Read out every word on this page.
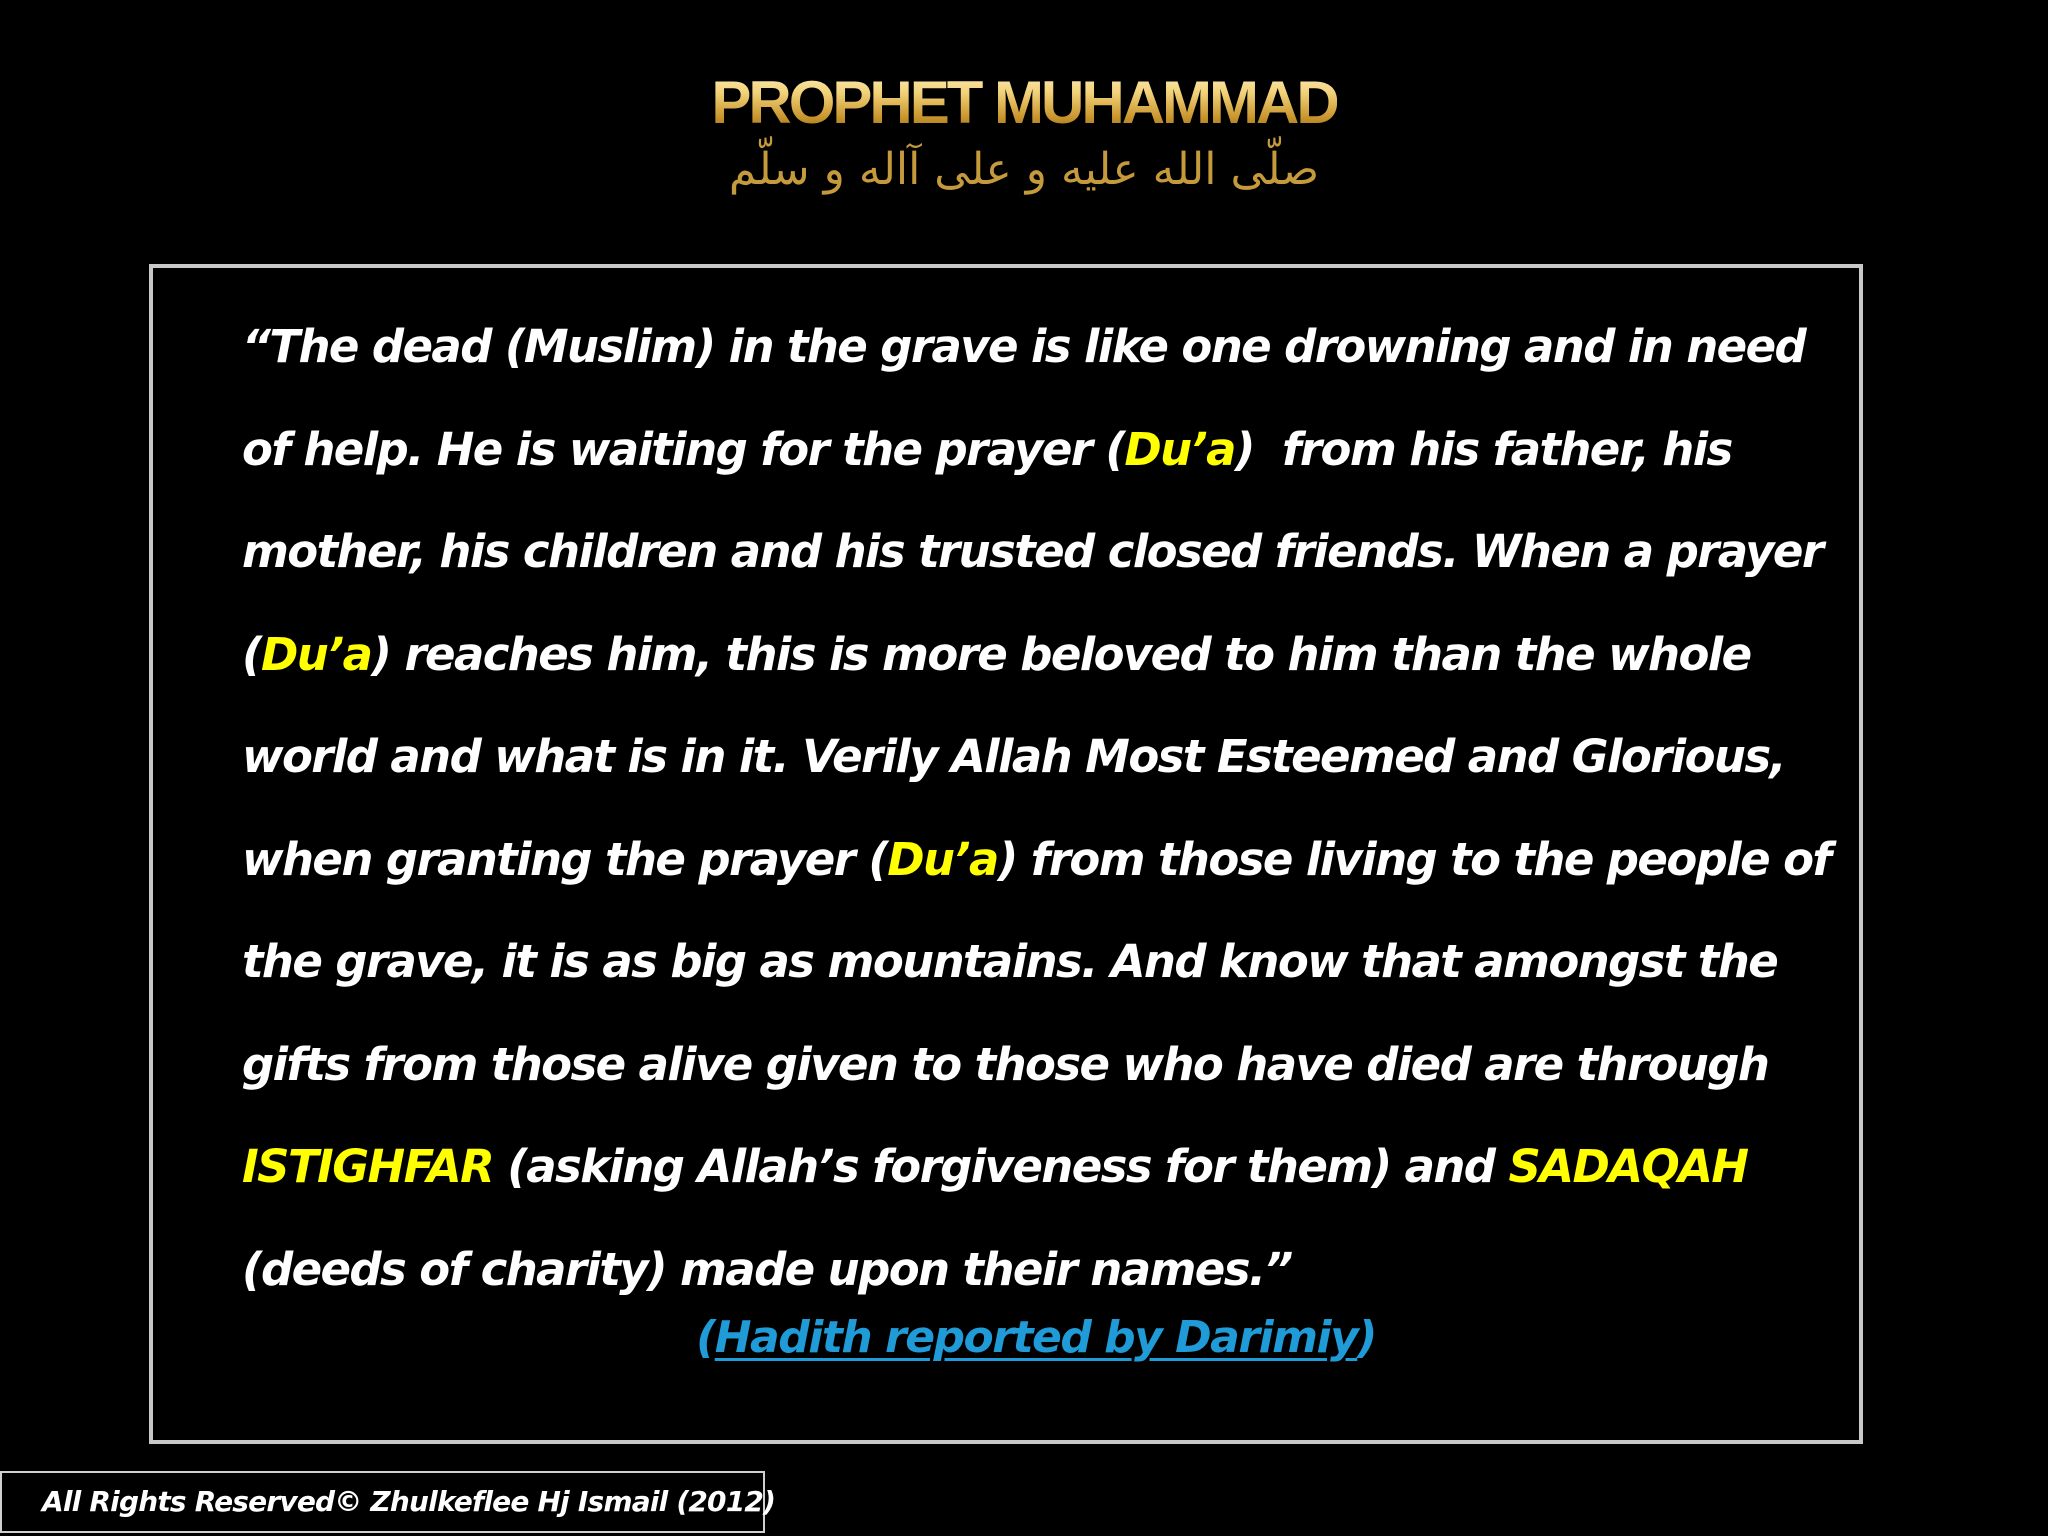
PROPHET MUHAMMAD
صلّى الله عليه و على آاله و سلّم

“The dead (Muslim) in the grave is like one drowning and in need
of help. He is waiting for the prayer (Du’a)  from his father, his
mother, his children and his trusted closed friends. When a prayer
(Du’a) reaches him, this is more beloved to him than the whole
world and what is in it. Verily Allah Most Esteemed and Glorious,
when granting the prayer (Du’a) from those living to the people of
the grave, it is as big as mountains. And know that amongst the
gifts from those alive given to those who have died are through
ISTIGHFAR (asking Allah’s forgiveness for them) and SADAQAH
(deeds of charity) made upon their names.”

(Hadith reported by Darimiy)
All Rights Reserved© Zhulkeflee Hj Ismail (2012)
